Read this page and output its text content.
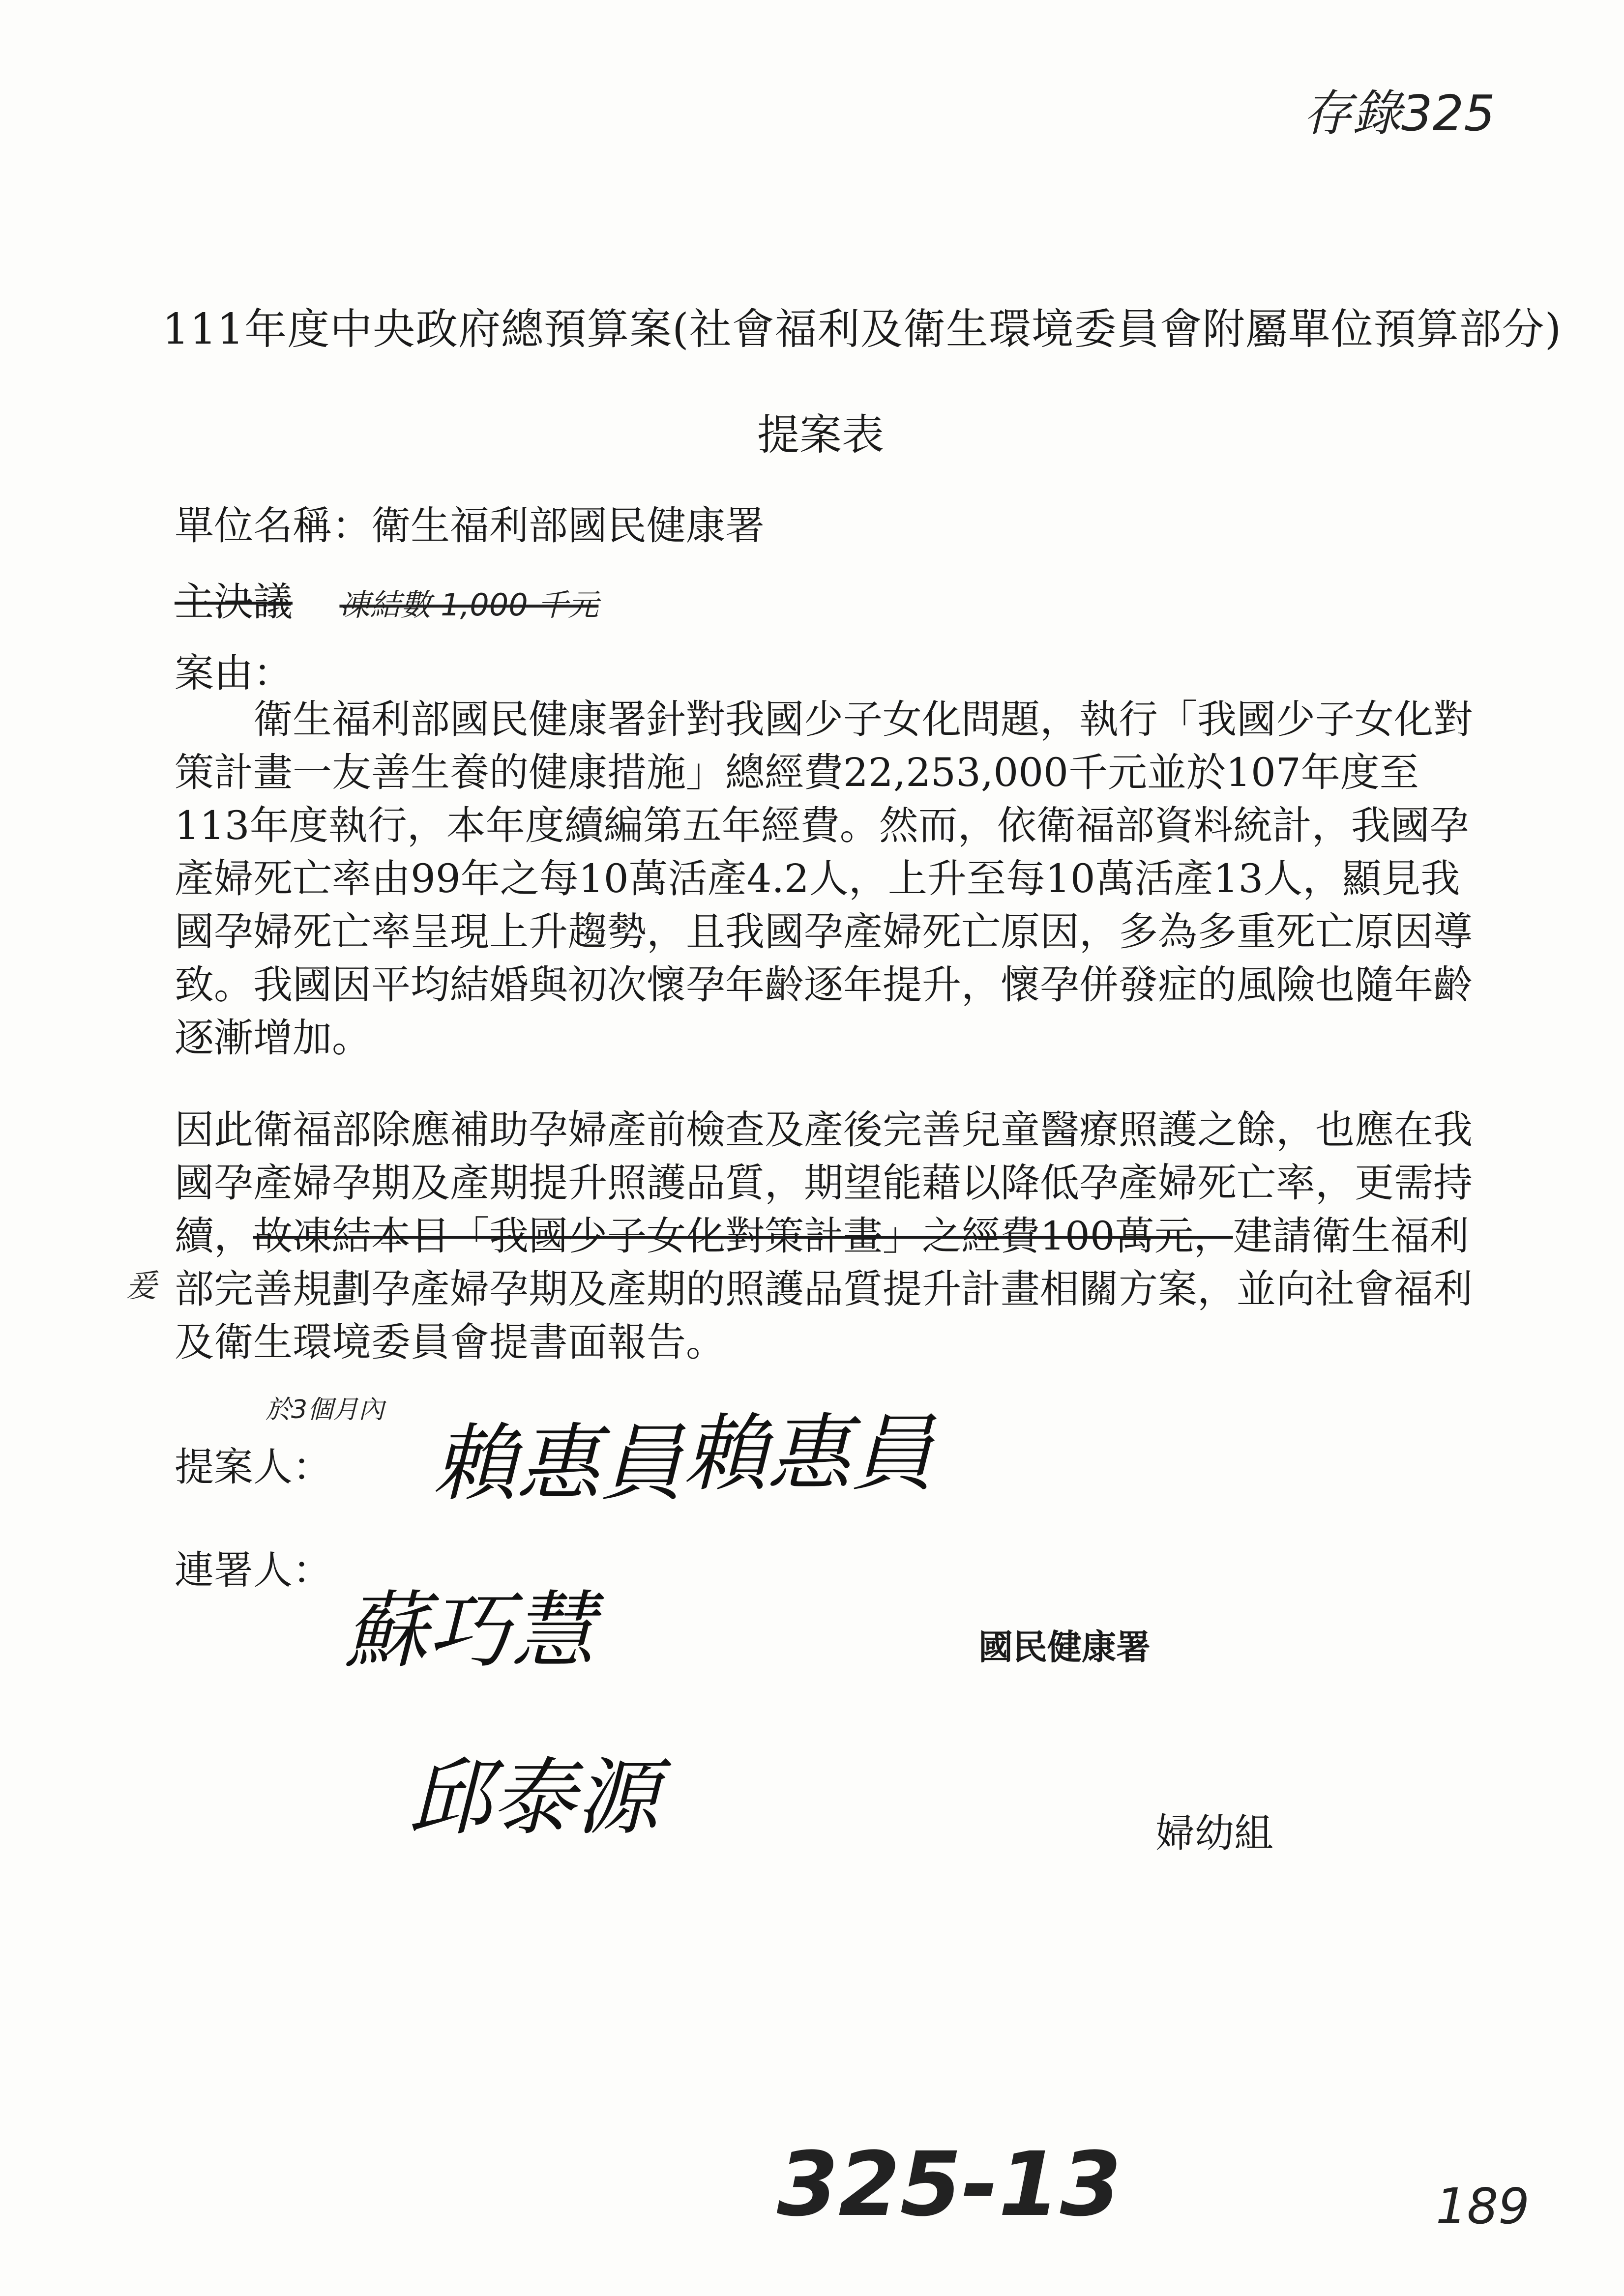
存錄325
111年度中央政府總預算案(社會福利及衛生環境委員會附屬單位預算部分)
提案表
單位名稱：衛生福利部國民健康署
主決議 凍結數 1,000 千元
案由：
衛生福利部國民健康署針對我國少子女化問題，執行「我國少子女化對策計畫一友善生養的健康措施」總經費22,253,000千元並於107年度至113年度執行，本年度續編第五年經費。然而，依衛福部資料統計，我國孕產婦死亡率由99年之每10萬活產4.2人，上升至每10萬活產13人，顯見我國孕婦死亡率呈現上升趨勢，且我國孕產婦死亡原因，多為多重死亡原因導致。我國因平均結婚與初次懷孕年齡逐年提升，懷孕併發症的風險也隨年齡逐漸增加。
因此衛福部除應補助孕婦產前檢查及產後完善兒童醫療照護之餘，也應在我國孕產婦孕期及產期提升照護品質，期望能藉以降低孕產婦死亡率，更需持續，故凍結本目「我國少子女化對策計畫」之經費100萬元，建請衛生福利部完善規劃孕產婦孕期及產期的照護品質提升計畫相關方案，並向社會福利及衛生環境委員會提書面報告。
爰
於3個月內
提案人： 賴惠員 賴惠員
連署人：
蘇巧慧
邱泰源
國民健康署
婦幼組
325-13	189
